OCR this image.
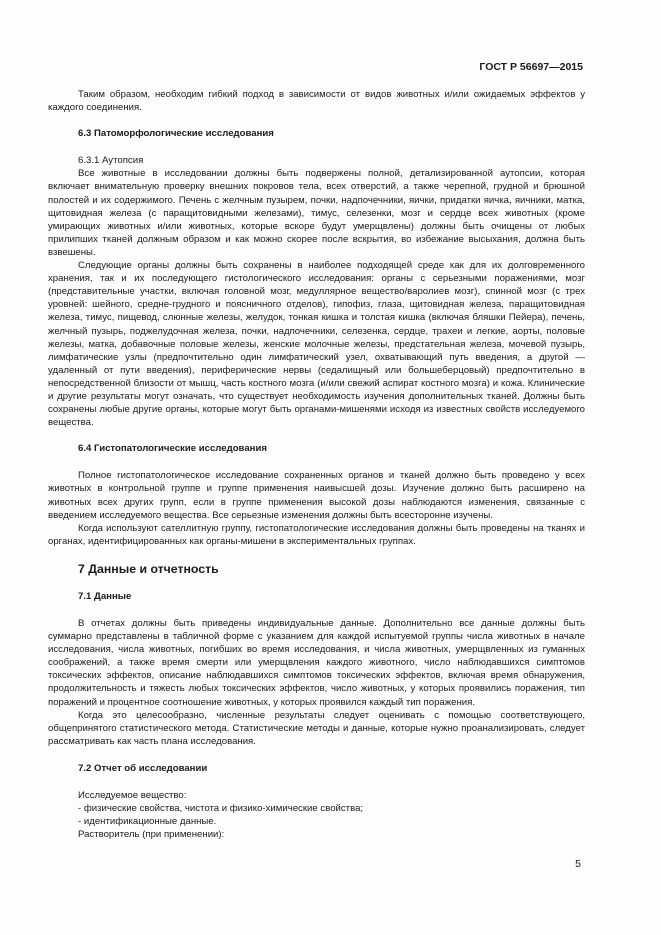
ГОСТ Р 56697—2015

Таким образом, необходим гибкий подход в зависимости от видов животных и/или ожидаемых эффектов у каждого соединения.

6.3 Патоморфологические исследования

6.3.1 Аутопсия

Все животные в исследовании должны быть подвержены полной, детализированной аутопсии, которая включает внимательную проверку внешних покровов тела, всех отверстий, а также черепной, грудной и брюшной полостей и их содержимого. Печень с желчным пузырем, почки, надпочечники, яички, придатки яичка, яичники, матка, щитовидная железа (с паращитовидными железами), тимус, селезенки, мозг и сердце всех животных (кроме умирающих животных и/или животных, которые вскоре будут умерщвлены) должны быть очищены от любых прилипших тканей должным образом и как можно скорее после вскрытия, во избежание высыхания, должна быть взвешены.

Следующие органы должны быть сохранены в наиболее подходящей среде как для их долговременного хранения, так и их последующего гистологического исследования: органы с серьезными поражениями, мозг (представительные участки, включая головной мозг, медуллярное вещество/варолиев мозг), спинной мозг (с трех уровней: шейного, средне-грудного и поясничного отделов), гипофиз, глаза, щитовидная железа, паращитовидная железа, тимус, пищевод, слюнные железы, желудок, тонкая кишка и толстая кишка (включая бляшки Пейера), печень, желчный пузырь, поджелудочная железа, почки, надпочечники, селезенка, сердце, трахеи и легкие, аорты, половые железы, матка, добавочные половые железы, женские молочные железы, предстательная железа, мочевой пузырь, лимфатические узлы (предпочтительно один лимфатический узел, охватывающий путь введения, а другой — удаленный от пути введения), периферические нервы (седалищный или большеберцовый) предпочтительно в непосредственной близости от мышц, часть костного мозга (и/или свежий аспират костного мозга) и кожа. Клинические и другие результаты могут означать, что существует необходимость изучения дополнительных тканей. Должны быть сохранены любые другие органы, которые могут быть органами-мишенями исходя из известных свойств исследуемого вещества.

6.4 Гистопатологические исследования

Полное гистопатологическое исследование сохраненных органов и тканей должно быть проведено у всех животных в контрольной группе и группе применения наивысшей дозы. Изучение должно быть расширено на животных всех других групп, если в группе применения высокой дозы наблюдаются изменения, связанные с введением исследуемого вещества. Все серьезные изменения должны быть всесторонне изучены.

Когда используют сателлитную группу, гистопатологические исследования должны быть проведены на тканях и органах, идентифицированных как органы-мишени в экспериментальных группах.

7 Данные и отчетность

7.1 Данные

В отчетах должны быть приведены индивидуальные данные. Дополнительно все данные должны быть суммарно представлены в табличной форме с указанием для каждой испытуемой группы числа животных в начале исследования, числа животных, погибших во время исследования, и числа животных, умерщвленных из гуманных соображений, а также время смерти или умерщвления каждого животного, число наблюдавшихся симптомов токсических эффектов, описание наблюдавшихся симптомов токсических эффектов, включая время обнаружения, продолжительность и тяжесть любых токсических эффектов, число животных, у которых проявились поражения, тип поражений и процентное соотношение животных, у которых проявился каждый тип поражения.

Когда это целесообразно, численные результаты следует оценивать с помощью соответствующего, общепринятого статистического метода. Статистические методы и данные, которые нужно проанализировать, следует рассматривать как часть плана исследования.

7.2 Отчет об исследовании

Исследуемое вещество:

- физические свойства, чистота и физико-химические свойства;

- идентификационные данные.

Растворитель (при применении):

5
